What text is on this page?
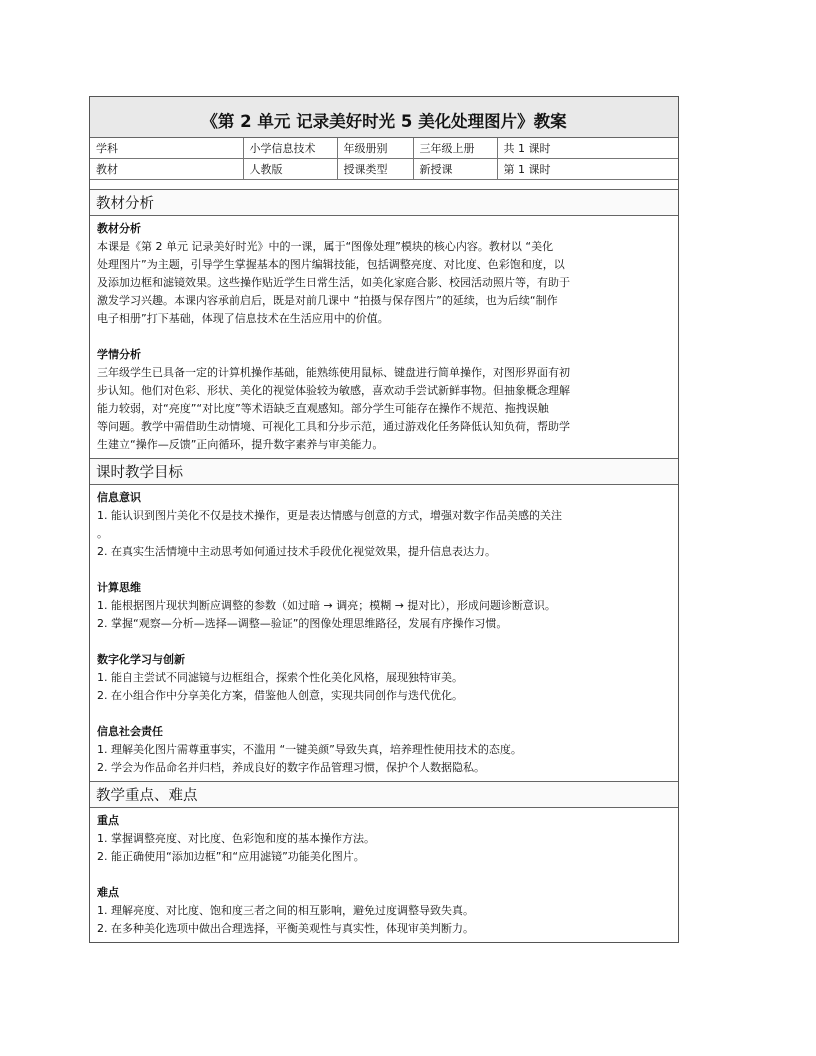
《第 2 单元 记录美好时光 5 美化处理图片》教案
学科	小学信息技术	年级册别	三年级上册	共 1 课时
教材	人教版	授课类型	新授课	第 1 课时
教材分析
教材分析

本课是《第 2 单元 记录美好时光》中的一课，属于“图像处理”模块的核心内容。教材以 “美化

处理图片”为主题，引导学生掌握基本的图片编辑技能，包括调整亮度、对比度、色彩饱和度，以

及添加边框和滤镜效果。这些操作贴近学生日常生活，如美化家庭合影、校园活动照片等，有助于

激发学习兴趣。本课内容承前启后，既是对前几课中 “拍摄与保存图片”的延续，也为后续“制作

电子相册”打下基础，体现了信息技术在生活应用中的价值。

学情分析

三年级学生已具备一定的计算机操作基础，能熟练使用鼠标、键盘进行简单操作，对图形界面有初

步认知。他们对色彩、形状、美化的视觉体验较为敏感，喜欢动手尝试新鲜事物。但抽象概念理解

能力较弱，对“亮度”“对比度”等术语缺乏直观感知。部分学生可能存在操作不规范、拖拽误触

等问题。教学中需借助生动情境、可视化工具和分步示范，通过游戏化任务降低认知负荷，帮助学

生建立“操作—反馈”正向循环，提升数字素养与审美能力。

课时教学目标
信息意识

1. 能认识到图片美化不仅是技术操作，更是表达情感与创意的方式，增强对数字作品美感的关注

。

2. 在真实生活情境中主动思考如何通过技术手段优化视觉效果，提升信息表达力。

计算思维

1. 能根据图片现状判断应调整的参数（如过暗 → 调亮；模糊 → 提对比），形成问题诊断意识。

2. 掌握“观察—分析—选择—调整—验证”的图像处理思维路径，发展有序操作习惯。

数字化学习与创新

1. 能自主尝试不同滤镜与边框组合，探索个性化美化风格，展现独特审美。

2. 在小组合作中分享美化方案，借鉴他人创意，实现共同创作与迭代优化。

信息社会责任

1. 理解美化图片需尊重事实，不滥用 “一键美颜”导致失真，培养理性使用技术的态度。

2. 学会为作品命名并归档，养成良好的数字作品管理习惯，保护个人数据隐私。

教学重点、难点
重点

1. 掌握调整亮度、对比度、色彩饱和度的基本操作方法。

2. 能正确使用“添加边框”和“应用滤镜”功能美化图片。

难点

1. 理解亮度、对比度、饱和度三者之间的相互影响，避免过度调整导致失真。

2. 在多种美化选项中做出合理选择，平衡美观性与真实性，体现审美判断力。
